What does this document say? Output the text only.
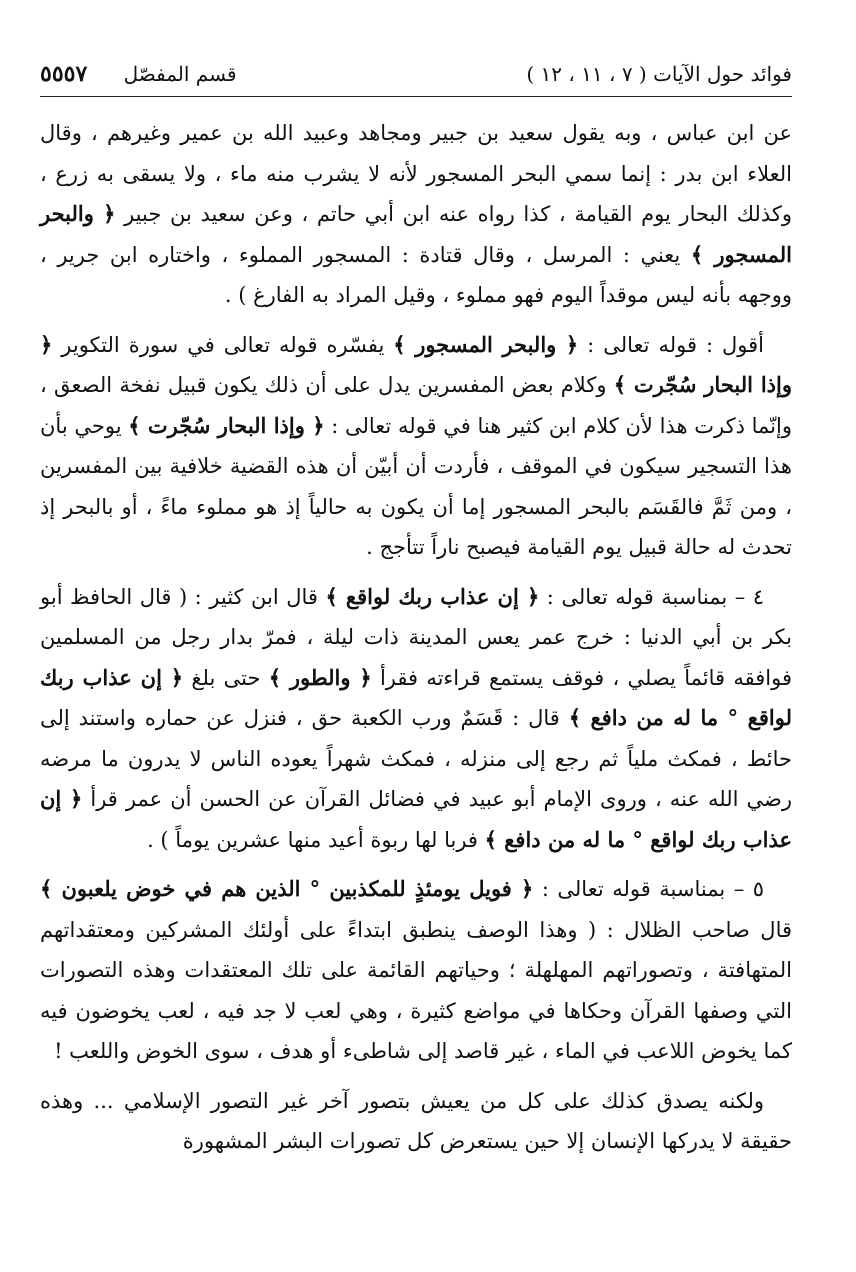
فوائد حول الآيات ( ٧ ، ١١ ، ١٢ )
قسم المفصّل ٥٥٥٧

عن ابن عباس ، وبه يقول سعيد بن جبير ومجاهد وعبيد الله بن عمير وغيرهم ، وقال العلاء ابن بدر : إنما سمي البحر المسجور لأنه لا يشرب منه ماء ، ولا يسقى به زرع ، وكذلك البحار يوم القيامة ، كذا رواه عنه ابن أبي حاتم ، وعن سعيد بن جبير ﴿ والبحر المسجور ﴾ يعني : المرسل ، وقال قتادة : المسجور المملوء ، واختاره ابن جرير ، ووجهه بأنه ليس موقداً اليوم فهو مملوء ، وقيل المراد به الفارغ ) .

أقول : قوله تعالى : ﴿ والبحر المسجور ﴾ يفسّره قوله تعالى في سورة التكوير ﴿ وإذا البحار سُجّرت ﴾ وكلام بعض المفسرين يدل على أن ذلك يكون قبيل نفخة الصعق ، وإنّما ذكرت هذا لأن كلام ابن كثير هنا في قوله تعالى : ﴿ وإذا البحار سُجّرت ﴾ يوحي بأن هذا التسجير سيكون في الموقف ، فأردت أن أبيّن أن هذه القضية خلافية بين المفسرين ، ومن ثَمَّ فالقَسَم بالبحر المسجور إما أن يكون به حالياً إذ هو مملوء ماءً ، أو بالبحر إذ تحدث له حالة قبيل يوم القيامة فيصبح ناراً تتأجج .

٤ – بمناسبة قوله تعالى : ﴿ إن عذاب ربك لواقع ﴾ قال ابن كثير : ( قال الحافظ أبو بكر بن أبي الدنيا : خرج عمر يعس المدينة ذات ليلة ، فمرّ بدار رجل من المسلمين فوافقه قائماً يصلي ، فوقف يستمع قراءته فقرأ ﴿ والطور ﴾ حتى بلغ ﴿ إن عذاب ربك لواقع ° ما له من دافع ﴾ قال : قَسَمٌ ورب الكعبة حق ، فنزل عن حماره واستند إلى حائط ، فمكث ملياً ثم رجع إلى منزله ، فمكث شهراً يعوده الناس لا يدرون ما مرضه رضي الله عنه ، وروى الإمام أبو عبيد في فضائل القرآن عن الحسن أن عمر قرأ ﴿ إن عذاب ربك لواقع ° ما له من دافع ﴾ فربا لها ربوة أعيد منها عشرين يوماً ) .

٥ – بمناسبة قوله تعالى : ﴿ فويل يومئذٍ للمكذبين ° الذين هم في خوض يلعبون ﴾ قال صاحب الظلال : ( وهذا الوصف ينطبق ابتداءً على أولئك المشركين ومعتقداتهم المتهافتة ، وتصوراتهم المهلهلة ؛ وحياتهم القائمة على تلك المعتقدات وهذه التصورات التي وصفها القرآن وحكاها في مواضع كثيرة ، وهي لعب لا جد فيه ، لعب يخوضون فيه كما يخوض اللاعب في الماء ، غير قاصد إلى شاطىء أو هدف ، سوى الخوض واللعب !

ولكنه يصدق كذلك على كل من يعيش بتصور آخر غير التصور الإسلامي ... وهذه حقيقة لا يدركها الإنسان إلا حين يستعرض كل تصورات البشر المشهورة
